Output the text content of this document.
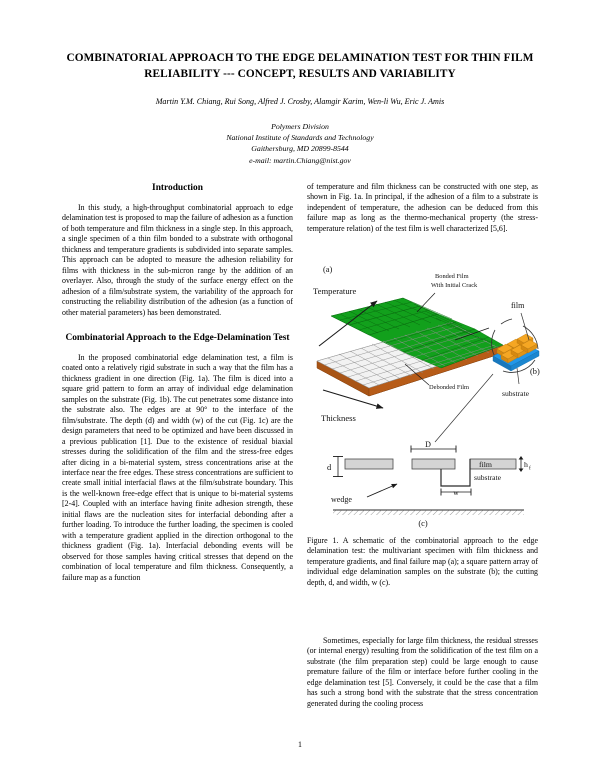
COMBINATORIAL APPROACH TO THE EDGE DELAMINATION TEST FOR THIN FILM RELIABILITY --- CONCEPT, RESULTS AND VARIABILITY
Martin Y.M. Chiang, Rui Song, Alfred J. Crosby, Alamgir Karim, Wen-li Wu, Eric J. Amis
Polymers Division
National Institute of Standards and Technology
Gaithersburg, MD 20899-8544
e-mail: martin.Chiang@nist.gov
Introduction

In this study, a high-throughput combinatorial approach to edge delamination test is proposed to map the failure of adhesion as a function of both temperature and film thickness in a single step. In this approach, a single specimen of a thin film bonded to a substrate with orthogonal thickness and temperature gradients is subdivided into separate samples. This approach can be adopted to measure the adhesion reliability for films with thickness in the sub-micron range by the addition of an overlayer. Also, through the study of the surface energy effect on the adhesion of a film/substrate system, the variability of the approach for constructing the reliability distribution of the adhesion (as a function of other material parameters) has been demonstrated.

Combinatorial Approach to the Edge-Delamination Test

In the proposed combinatorial edge delamination test, a film is coated onto a relatively rigid substrate in such a way that the film has a thickness gradient in one direction (Fig. 1a). The film is diced into a square grid pattern to form an array of individual edge delamination samples on the substrate (Fig. 1b). The cut penetrates some distance into the substrate also. The edges are at 90° to the interface of the film/substrate. The depth (d) and width (w) of the cut (Fig. 1c) are the design parameters that need to be optimized and have been discussed in a previous publication [1]. Due to the existence of residual biaxial stresses during the solidification of the film and the stress-free edges after dicing in a bi-material system, stress concentrations arise at the interface near the free edges. These stress concentrations are sufficient to create small initial interfacial flaws at the film/substrate boundary. This is the well-known free-edge effect that is unique to bi-material systems [2-4]. Coupled with an interface having finite adhesion strength, these initial flaws are the nucleation sites for interfacial debonding after a further loading. To introduce the further loading, the specimen is cooled with a temperature gradient applied in the direction orthogonal to the thickness gradient (Fig. 1a). Interfacial debonding events will be observed for those samples having critical stresses that depend on the combination of local temperature and film thickness. Consequently, a failure map as a function

of temperature and film thickness can be constructed with one step, as shown in Fig. 1a. In principal, if the adhesion of a film to a substrate is independent of temperature, the adhesion can be deduced from this failure map as long as the thermo-mechanical property (the stress-temperature relation) of the test film is well characterized [5,6].

(a)
Temperature
Thickness
Bonded Film
With Initial Crack
Debonded Film
film
substrate
(b)
film
substrate
h f
D
w
d
wedge
(c)

Figure 1. A schematic of the combinatorial approach to the edge delamination test: the multivariant specimen with film thickness and temperature gradients, and final failure map (a); a square pattern array of individual edge delamination samples on the substrate (b); the cutting depth, d, and width, w (c).

Sometimes, especially for large film thickness, the residual stresses (or internal energy) resulting from the solidification of the test film on a substrate (the film preparation step) could be large enough to cause premature failure of the film or interface before further cooling in the edge delamination test [5]. Conversely, it could be the case that a film has such a strong bond with the substrate that the stress concentration generated during the cooling process

1
